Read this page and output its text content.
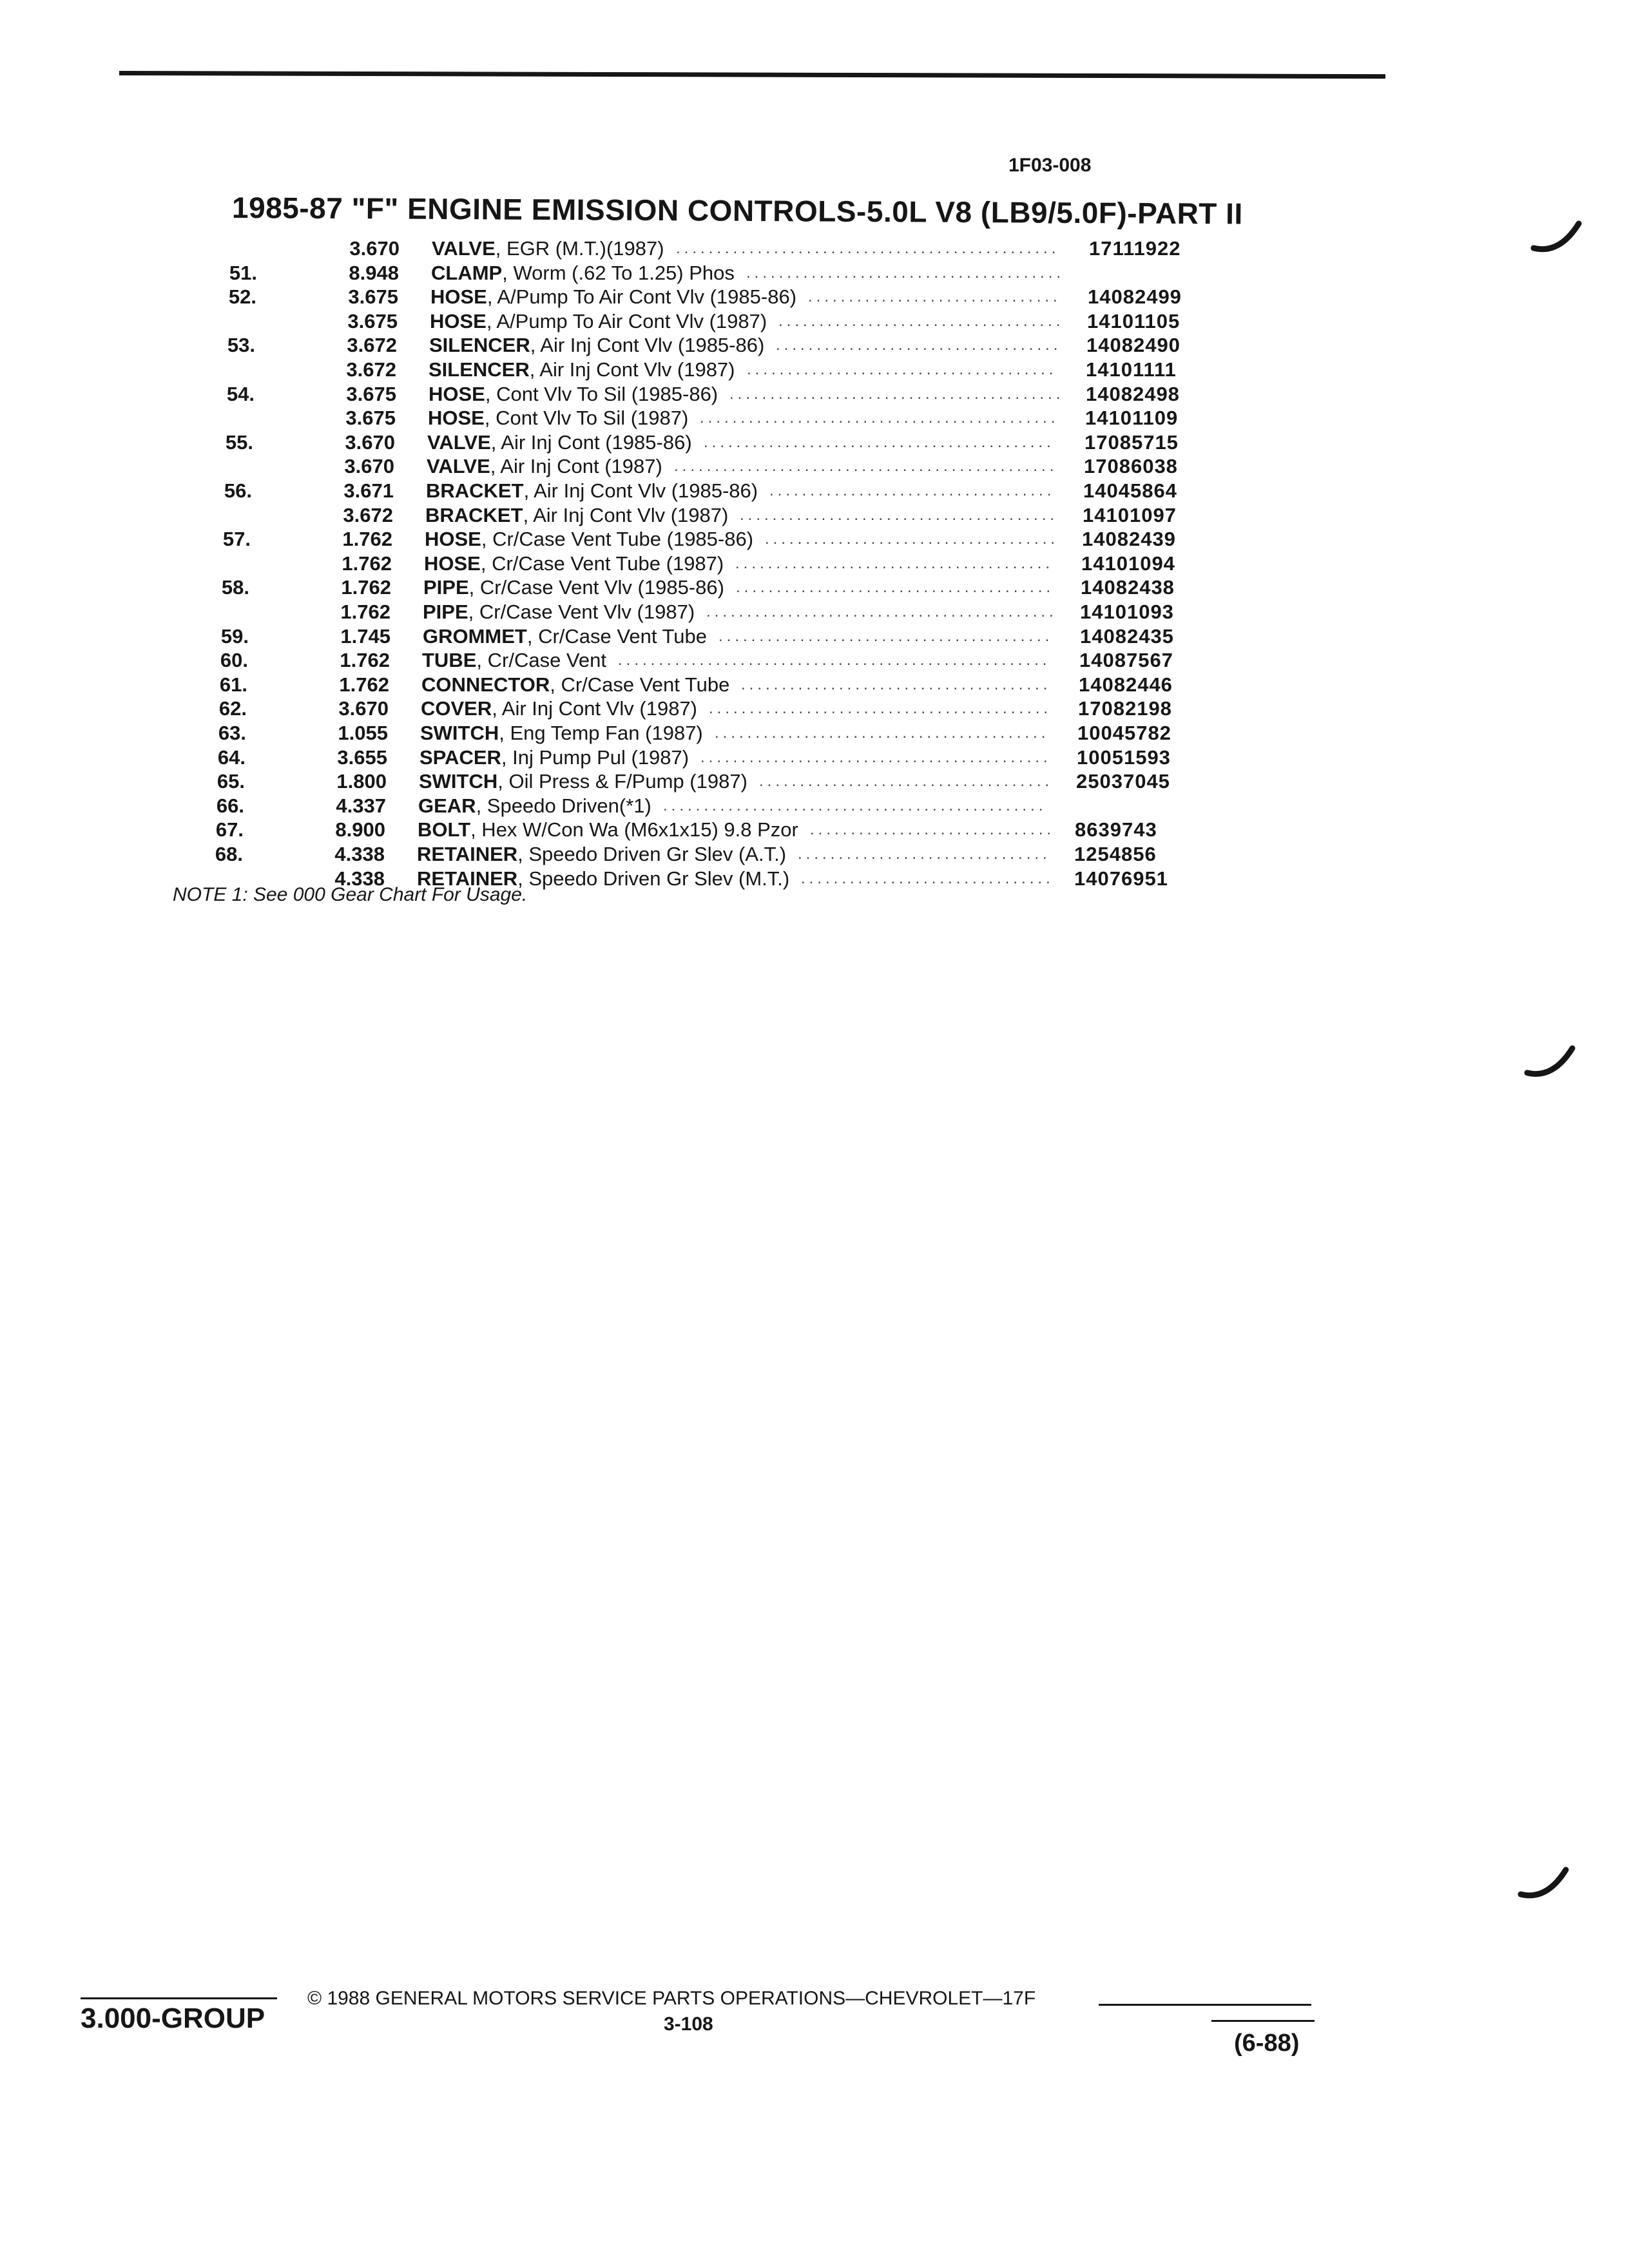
1F03-008
1985-87 "F" ENGINE EMISSION CONTROLS-5.0L V8 (LB9/5.0F)-PART II
3.670 VALVE, EGR (M.T.)(1987) ...............................................	17111922
51.	8.948 CLAMP, Worm (.62 To 1.25) Phos .......................................
52.	3.675 HOSE, A/Pump To Air Cont Vlv (1985-86) ...............................	14082499
3.675 HOSE, A/Pump To Air Cont Vlv (1987) ...................................	14101105
53.	3.672 SILENCER, Air Inj Cont Vlv (1985-86) ...................................	14082490
3.672 SILENCER, Air Inj Cont Vlv (1987) ......................................	14101111
54.	3.675 HOSE, Cont Vlv To Sil (1985-86) .........................................	14082498
3.675 HOSE, Cont Vlv To Sil (1987) ............................................	14101109
55.	3.670 VALVE, Air Inj Cont (1985-86) ...........................................	17085715
3.670 VALVE, Air Inj Cont (1987) ...............................................	17086038
56.	3.671 BRACKET, Air Inj Cont Vlv (1985-86) ...................................	14045864
3.672 BRACKET, Air Inj Cont Vlv (1987) .......................................	14101097
57.	1.762 HOSE, Cr/Case Vent Tube (1985-86) ....................................	14082439
1.762 HOSE, Cr/Case Vent Tube (1987) .......................................	14101094
58.	1.762 PIPE, Cr/Case Vent Vlv (1985-86) .......................................	14082438
1.762 PIPE, Cr/Case Vent Vlv (1987) ...........................................	14101093
59.	1.745 GROMMET, Cr/Case Vent Tube .........................................	14082435
60.	1.762 TUBE, Cr/Case Vent .....................................................	14087567
61.	1.762 CONNECTOR, Cr/Case Vent Tube ......................................	14082446
62.	3.670 COVER, Air Inj Cont Vlv (1987) ..........................................	17082198
63.	1.055 SWITCH, Eng Temp Fan (1987) .........................................	10045782
64.	3.655 SPACER, Inj Pump Pul (1987) ...........................................	10051593
65.	1.800 SWITCH, Oil Press & F/Pump (1987) ....................................	25037045
66.	4.337 GEAR, Speedo Driven(*1) ...............................................
67.	8.900 BOLT, Hex W/Con Wa (M6x1x15) 9.8 Pzor .............................. 8639743
68.	4.338 RETAINER, Speedo Driven Gr Slev (A.T.) ...............................	1254856
4.338 RETAINER, Speedo Driven Gr Slev (M.T.) ...............................	14076951
NOTE 1: See 000 Gear Chart For Usage.
3.000-GROUP
© 1988 GENERAL MOTORS SERVICE PARTS OPERATIONS—CHEVROLET—17F
3-108
(6-88)
